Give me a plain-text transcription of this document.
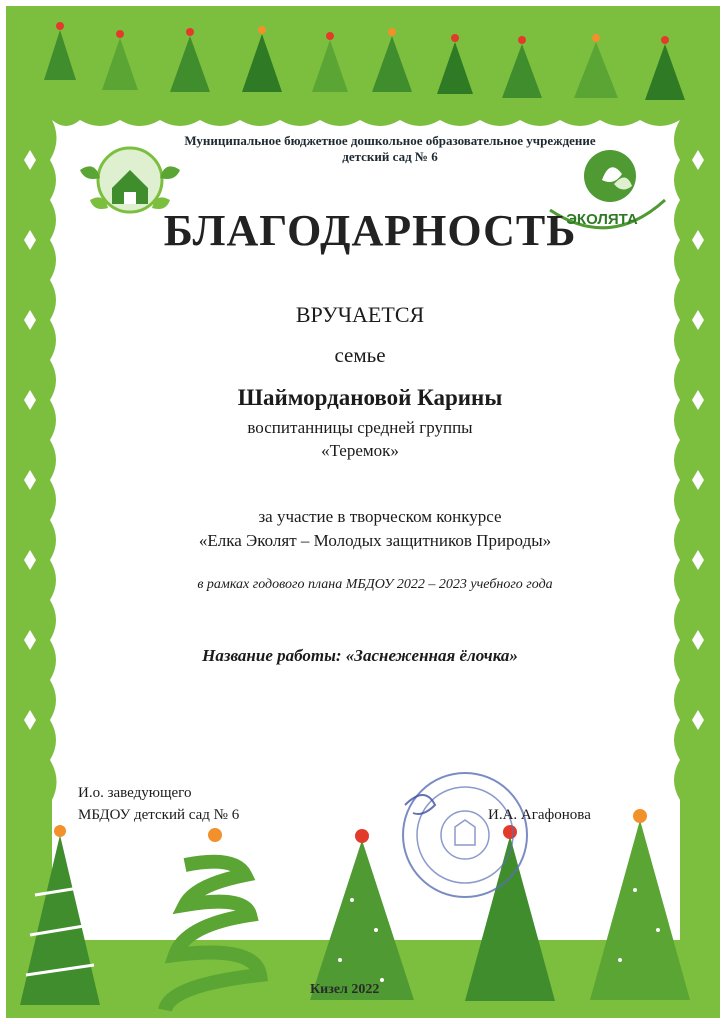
ЭКОЛЯТА
Муниципальное бюджетное дошкольное образовательное учреждение
детский сад № 6
БЛАГОДАРНОСТЬ
ВРУЧАЕТСЯ
семье
Шаймордановой Карины
воспитанницы средней группы
«Теремок»
за участие в творческом конкурсе
«Елка Эколят – Молодых защитников Природы»
в рамках годового плана МБДОУ 2022 – 2023 учебного года
Название работы: «Заснеженная ёлочка»
И.о. заведующего
МБДОУ детский сад № 6	И.А. Агафонова
Кизел 2022
